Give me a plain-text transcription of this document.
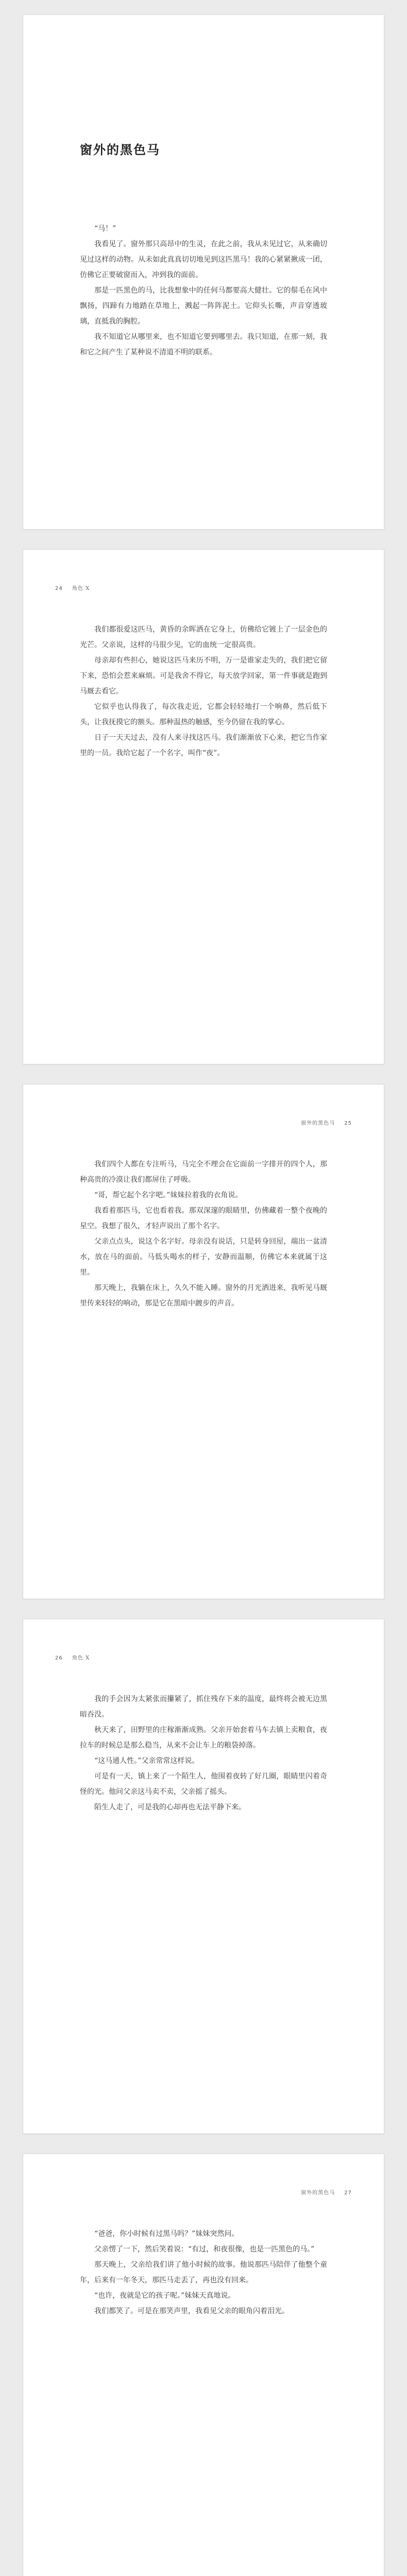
窗外的黑色马

“马！”

我看见了。窗外那只高昂中的生灵，在此之前，我从未见过它，从来确切见过这样的动物。从未如此真真切切地见到这匹黑马！我的心紧紧揪成一团，仿佛它正要破窗而入，冲到我的面前。

那是一匹黑色的马，比我想象中的任何马都要高大健壮。它的鬃毛在风中飘扬，四蹄有力地踏在草地上，溅起一阵阵泥土。它仰头长嘶，声音穿透玻璃，直抵我的胸腔。

我不知道它从哪里来，也不知道它要到哪里去。我只知道，在那一刻，我和它之间产生了某种说不清道不明的联系。

24 角色 X

我们都很爱这匹马，黄昏的余晖洒在它身上，仿佛给它镀上了一层金色的光芒。父亲说，这样的马很少见，它的血统一定很高贵。

母亲却有些担心，她说这匹马来历不明，万一是谁家走失的，我们把它留下来，恐怕会惹来麻烦。可是我舍不得它，每天放学回家，第一件事就是跑到马厩去看它。

它似乎也认得我了，每次我走近，它都会轻轻地打一个响鼻，然后低下头，让我抚摸它的额头。那种温热的触感，至今仍留在我的掌心。

日子一天天过去，没有人来寻找这匹马。我们渐渐放下心来，把它当作家里的一员。我给它起了一个名字，叫作“夜”。

窗外的黑色马 25

我们四个人都在专注听马，马完全不理会在它面前一字排开的四个人，那种高贵的冷漠让我们都屏住了呼吸。

“哥，帮它起个名字吧。”妹妹拉着我的衣角说。

我看着那匹马，它也看着我。那双深邃的眼睛里，仿佛藏着一整个夜晚的星空。我想了很久，才轻声说出了那个名字。

父亲点点头，说这个名字好。母亲没有说话，只是转身回屋，端出一盆清水，放在马的面前。马低头喝水的样子，安静而温顺，仿佛它本来就属于这里。

那天晚上，我躺在床上，久久不能入睡。窗外的月光洒进来，我听见马厩里传来轻轻的响动，那是它在黑暗中踱步的声音。

26 角色 X

我的手会因为太紧张而攥紧了，抓住残存下来的温度，最终将会被无边黑暗吞没。

秋天来了，田野里的庄稼渐渐成熟。父亲开始套着马车去镇上卖粮食，夜拉车的时候总是那么稳当，从来不会让车上的粮袋掉落。

“这马通人性。”父亲常常这样说。

可是有一天，镇上来了一个陌生人，他围着夜转了好几圈，眼睛里闪着奇怪的光。他问父亲这马卖不卖，父亲摇了摇头。

陌生人走了，可是我的心却再也无法平静下来。

窗外的黑色马 27

“爸爸，你小时候有过黑马吗？”妹妹突然问。

父亲愣了一下，然后笑着说：“有过，和夜很像，也是一匹黑色的马。”

那天晚上，父亲给我们讲了他小时候的故事。他说那匹马陪伴了他整个童年，后来有一年冬天，那匹马走丢了，再也没有回来。

“也许，夜就是它的孩子呢。”妹妹天真地说。

我们都笑了。可是在那笑声里，我看见父亲的眼角闪着泪光。
